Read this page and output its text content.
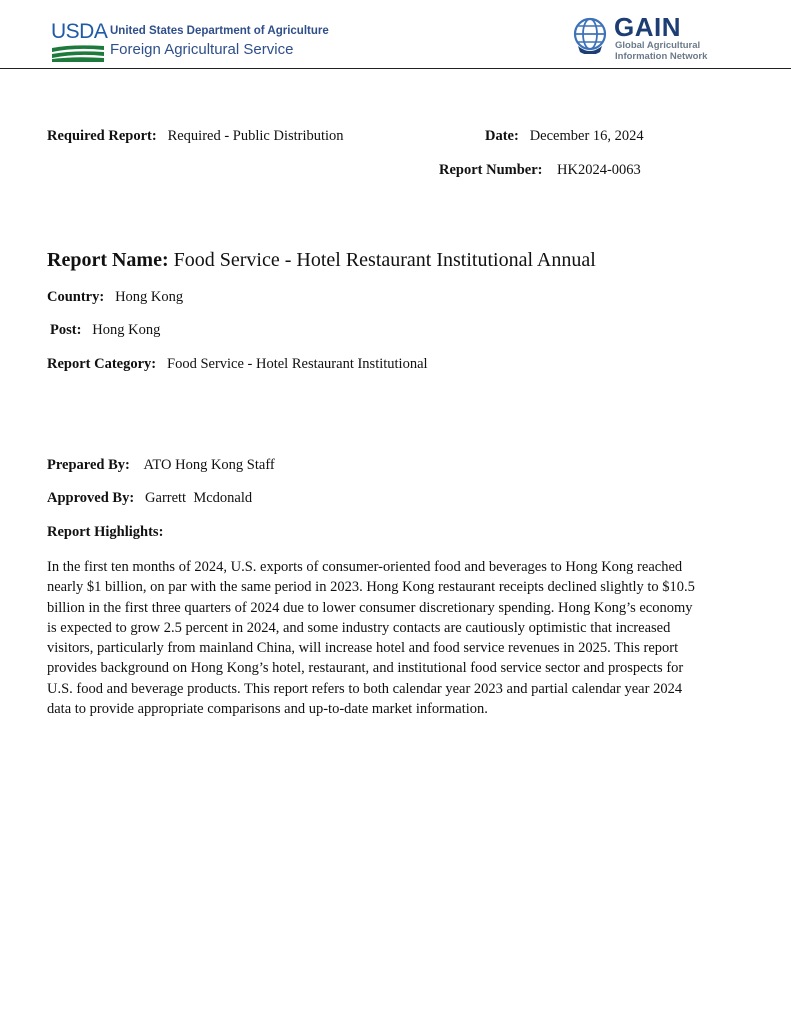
USDA United States Department of Agriculture
Foreign Agricultural Service
GAIN
Global Agricultural
Information Network
Required Report: Required - Public Distribution	Date: December 16, 2024
Report Number: HK2024-0063
Report Name: Food Service - Hotel Restaurant Institutional Annual
Country: Hong Kong
Post: Hong Kong
Report Category: Food Service - Hotel Restaurant Institutional
Prepared By: ATO Hong Kong Staff
Approved By: Garrett  Mcdonald
Report Highlights:
In the first ten months of 2024, U.S. exports of consumer-oriented food and beverages to Hong Kong reached nearly $1 billion, on par with the same period in 2023. Hong Kong restaurant receipts declined slightly to $10.5 billion in the first three quarters of 2024 due to lower consumer discretionary spending. Hong Kong’s economy is expected to grow 2.5 percent in 2024, and some industry contacts are cautiously optimistic that increased visitors, particularly from mainland China, will increase hotel and food service revenues in 2025. This report provides background on Hong Kong’s hotel, restaurant, and institutional food service sector and prospects for U.S. food and beverage products. This report refers to both calendar year 2023 and partial calendar year 2024 data to provide appropriate comparisons and up-to-date market information.
